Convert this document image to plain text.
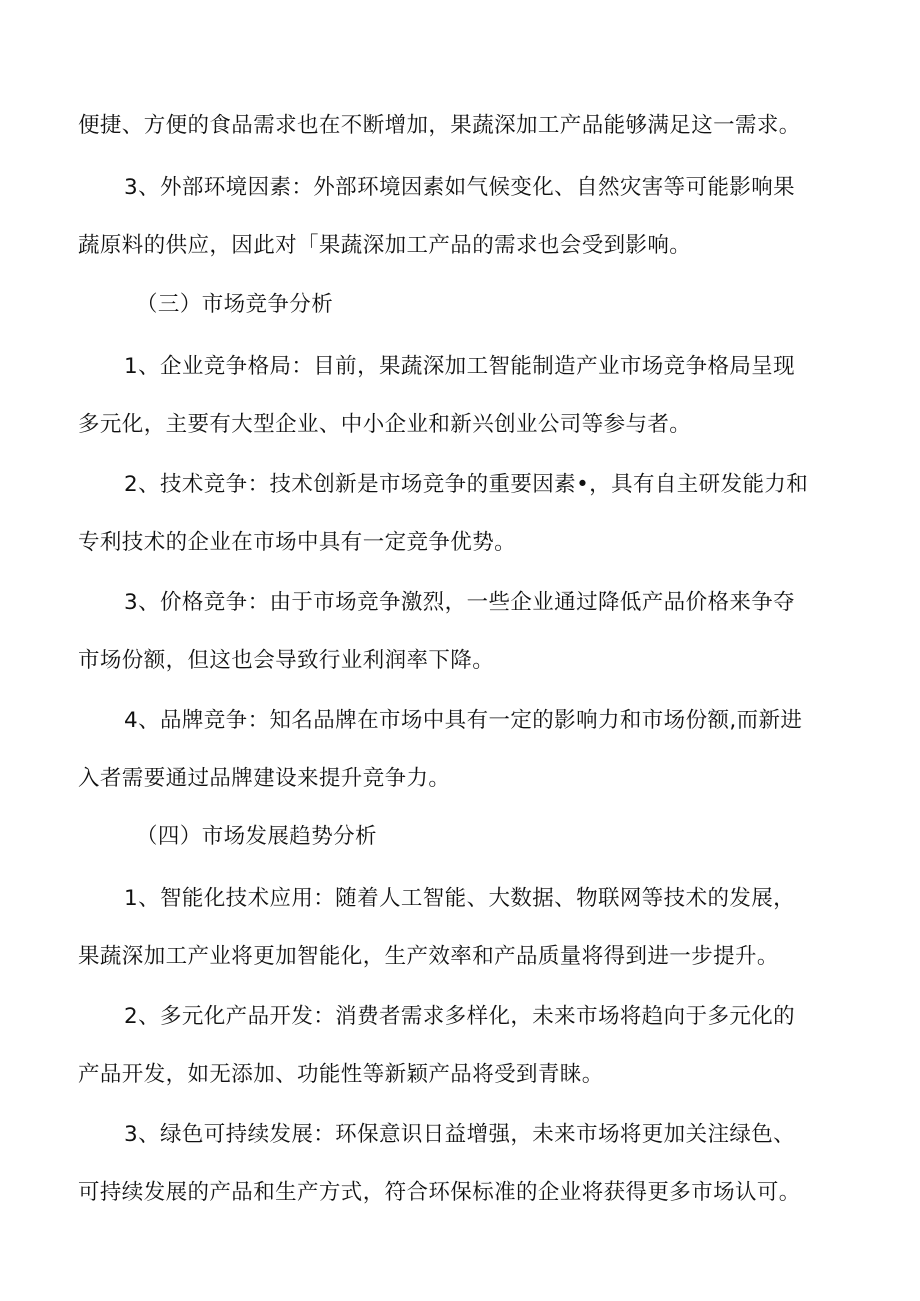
便捷、方便的食品需求也在不断增加，果蔬深加工产品能够满足这一需求。
3、外部环境因素：外部环境因素如气候变化、自然灾害等可能影响果
蔬原料的供应，因此对「果蔬深加工产品的需求也会受到影响。
（三）市场竞争分析
1、企业竞争格局：目前，果蔬深加工智能制造产业市场竞争格局呈现
多元化，主要有大型企业、中小企业和新兴创业公司等参与者。
2、技术竞争：技术创新是市场竞争的重要因素•，具有自主研发能力和
专利技术的企业在市场中具有一定竞争优势。
3、价格竞争：由于市场竞争激烈，一些企业通过降低产品价格来争夺
市场份额，但这也会导致行业利润率下降。
4、品牌竞争：知名品牌在市场中具有一定的影响力和市场份额,而新进
入者需要通过品牌建设来提升竞争力。
（四）市场发展趋势分析
1、智能化技术应用：随着人工智能、大数据、物联网等技术的发展，
果蔬深加工产业将更加智能化，生产效率和产品质量将得到进一步提升。
2、多元化产品开发：消费者需求多样化，未来市场将趋向于多元化的
产品开发，如无添加、功能性等新颖产品将受到青睐。
3、绿色可持续发展：环保意识日益增强，未来市场将更加关注绿色、
可持续发展的产品和生产方式，符合环保标准的企业将获得更多市场认可。
